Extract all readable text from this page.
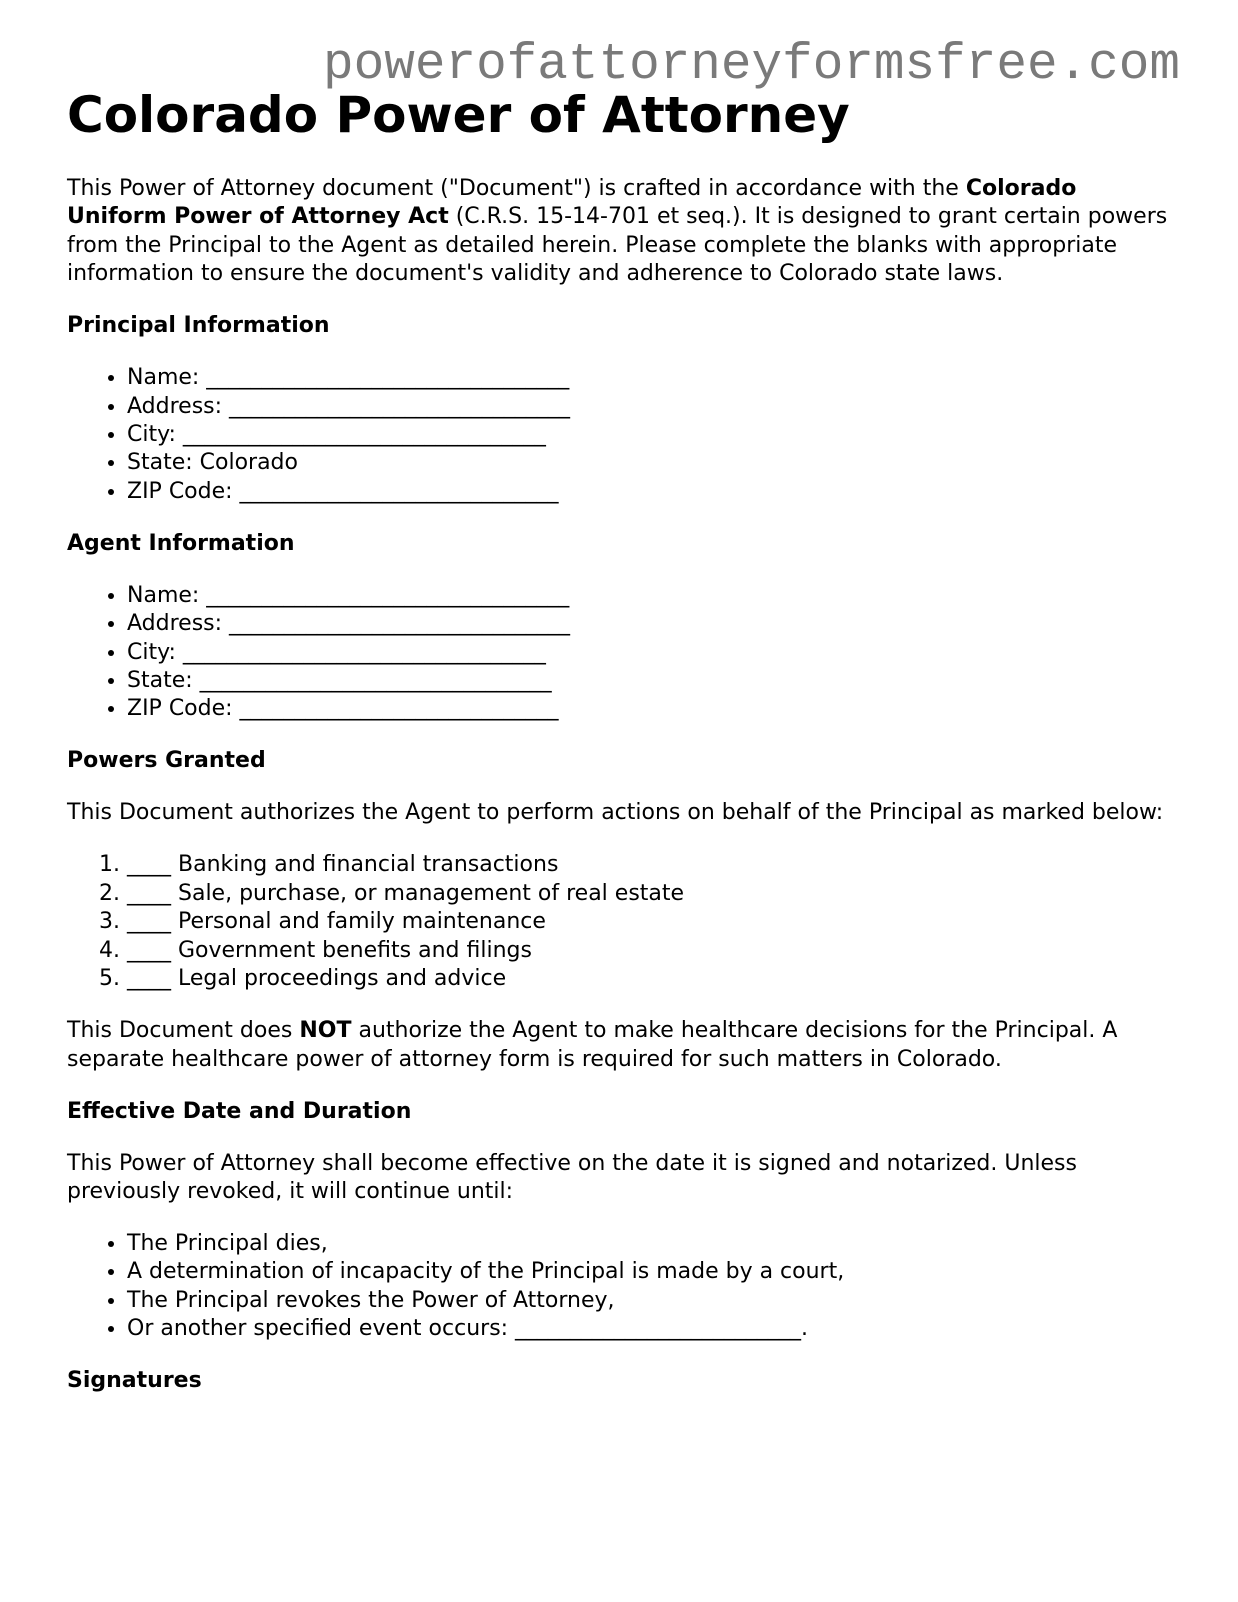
powerofattorneyformsfree.com
Colorado Power of Attorney

This Power of Attorney document ("Document") is crafted in accordance with the Colorado Uniform Power of Attorney Act (C.R.S. 15-14-701 et seq.). It is designed to grant certain powers from the Principal to the Agent as detailed herein. Please complete the blanks with appropriate information to ensure the document's validity and adherence to Colorado state laws.

Principal Information
• Name: _________________________________
• Address: _______________________________
• City: _________________________________
• State: Colorado
• ZIP Code: _____________________________
Agent Information
• Name: _________________________________
• Address: _______________________________
• City: _________________________________
• State: ________________________________
• ZIP Code: _____________________________
Powers Granted

This Document authorizes the Agent to perform actions on behalf of the Principal as marked below:

1. ____ Banking and financial transactions
2. ____ Sale, purchase, or management of real estate
3. ____ Personal and family maintenance
4. ____ Government benefits and filings
5. ____ Legal proceedings and advice

This Document does NOT authorize the Agent to make healthcare decisions for the Principal. A separate healthcare power of attorney form is required for such matters in Colorado.

Effective Date and Duration

This Power of Attorney shall become effective on the date it is signed and notarized. Unless previously revoked, it will continue until:

• The Principal dies,
• A determination of incapacity of the Principal is made by a court,
• The Principal revokes the Power of Attorney,
• Or another specified event occurs: __________________________.
Signatures
